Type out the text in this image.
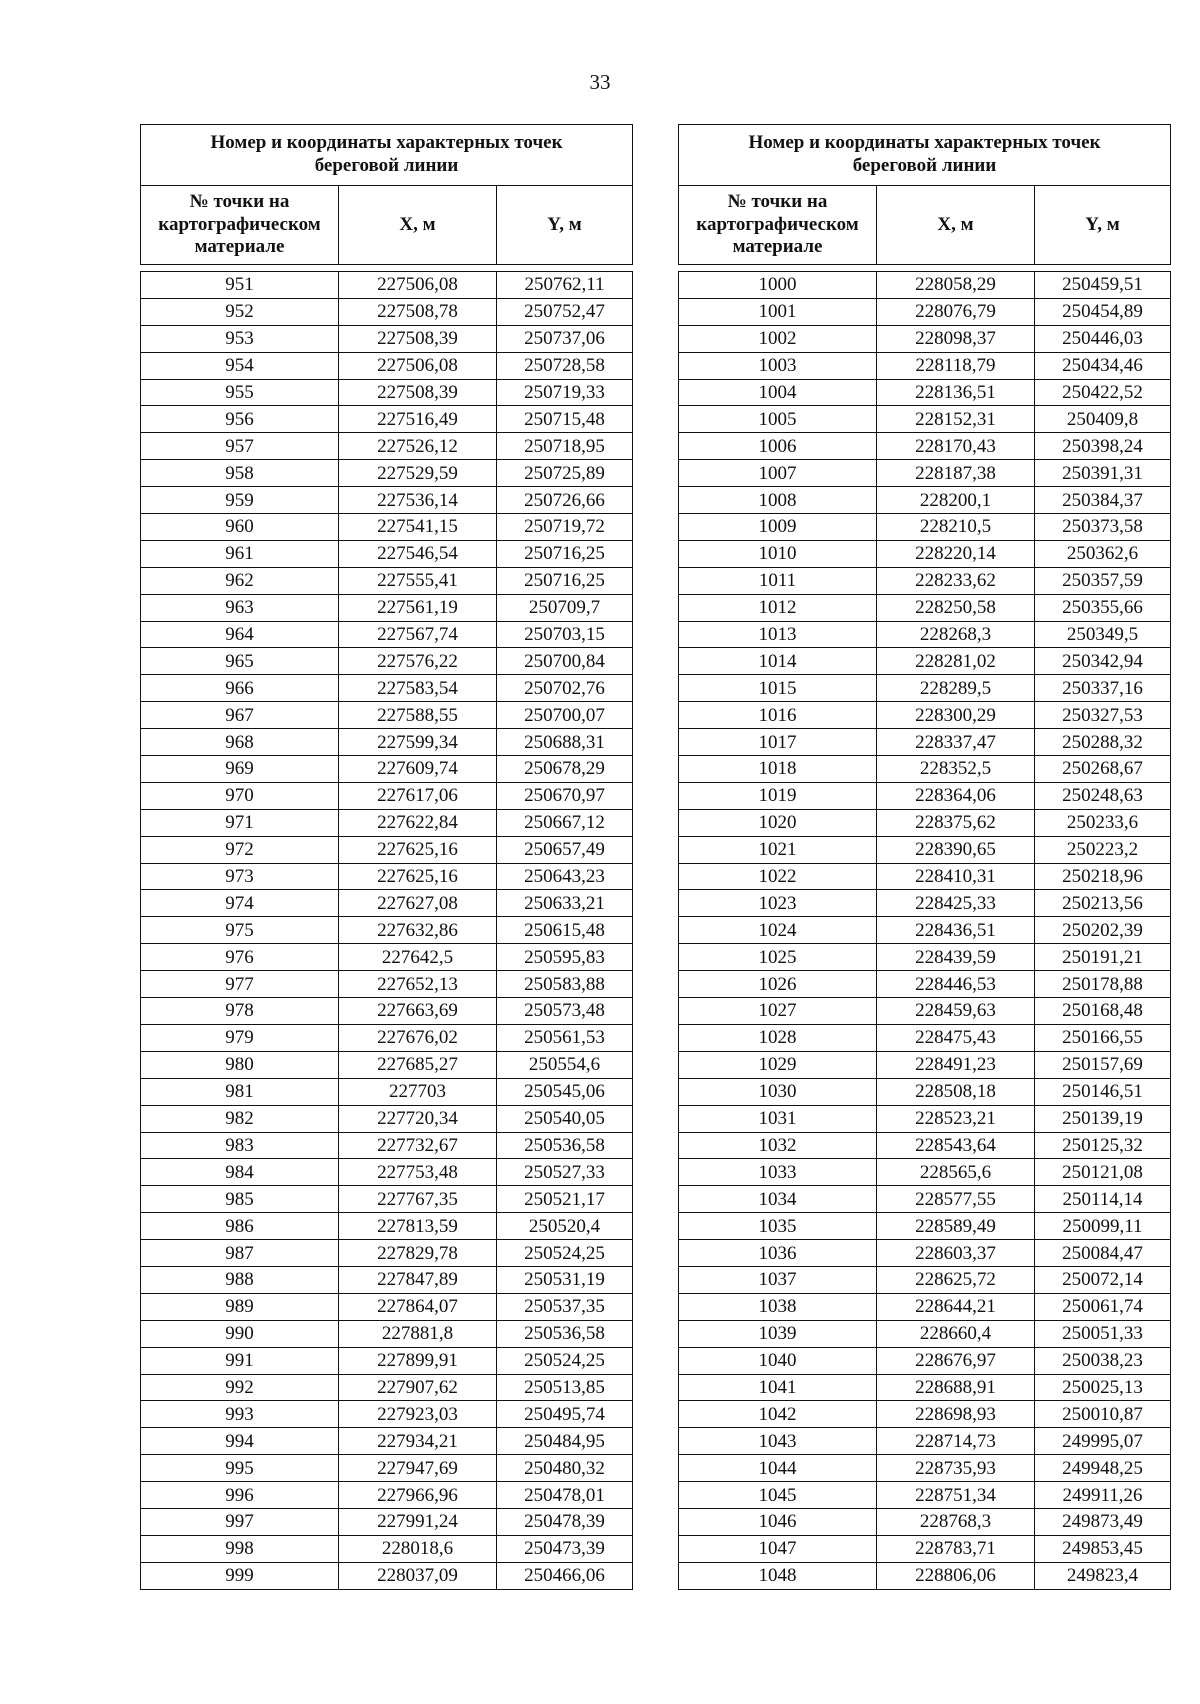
33
Номер и координаты характерных точек береговой линии		
№ точки на картографическом материале	X, м	Y, м

951	227506,08	250762,11
952	227508,78	250752,47
953	227508,39	250737,06
954	227506,08	250728,58
955	227508,39	250719,33
956	227516,49	250715,48
957	227526,12	250718,95
958	227529,59	250725,89
959	227536,14	250726,66
960	227541,15	250719,72
961	227546,54	250716,25
962	227555,41	250716,25
963	227561,19	250709,7
964	227567,74	250703,15
965	227576,22	250700,84
966	227583,54	250702,76
967	227588,55	250700,07
968	227599,34	250688,31
969	227609,74	250678,29
970	227617,06	250670,97
971	227622,84	250667,12
972	227625,16	250657,49
973	227625,16	250643,23
974	227627,08	250633,21
975	227632,86	250615,48
976	227642,5	250595,83
977	227652,13	250583,88
978	227663,69	250573,48
979	227676,02	250561,53
980	227685,27	250554,6
981	227703	250545,06
982	227720,34	250540,05
983	227732,67	250536,58
984	227753,48	250527,33
985	227767,35	250521,17
986	227813,59	250520,4
987	227829,78	250524,25
988	227847,89	250531,19
989	227864,07	250537,35
990	227881,8	250536,58
991	227899,91	250524,25
992	227907,62	250513,85
993	227923,03	250495,74
994	227934,21	250484,95
995	227947,69	250480,32
996	227966,96	250478,01
997	227991,24	250478,39
998	228018,6	250473,39
999	228037,09	250466,06
Номер и координаты характерных точек береговой линии		
№ точки на картографическом материале	X, м	Y, м

1000	228058,29	250459,51
1001	228076,79	250454,89
1002	228098,37	250446,03
1003	228118,79	250434,46
1004	228136,51	250422,52
1005	228152,31	250409,8
1006	228170,43	250398,24
1007	228187,38	250391,31
1008	228200,1	250384,37
1009	228210,5	250373,58
1010	228220,14	250362,6
1011	228233,62	250357,59
1012	228250,58	250355,66
1013	228268,3	250349,5
1014	228281,02	250342,94
1015	228289,5	250337,16
1016	228300,29	250327,53
1017	228337,47	250288,32
1018	228352,5	250268,67
1019	228364,06	250248,63
1020	228375,62	250233,6
1021	228390,65	250223,2
1022	228410,31	250218,96
1023	228425,33	250213,56
1024	228436,51	250202,39
1025	228439,59	250191,21
1026	228446,53	250178,88
1027	228459,63	250168,48
1028	228475,43	250166,55
1029	228491,23	250157,69
1030	228508,18	250146,51
1031	228523,21	250139,19
1032	228543,64	250125,32
1033	228565,6	250121,08
1034	228577,55	250114,14
1035	228589,49	250099,11
1036	228603,37	250084,47
1037	228625,72	250072,14
1038	228644,21	250061,74
1039	228660,4	250051,33
1040	228676,97	250038,23
1041	228688,91	250025,13
1042	228698,93	250010,87
1043	228714,73	249995,07
1044	228735,93	249948,25
1045	228751,34	249911,26
1046	228768,3	249873,49
1047	228783,71	249853,45
1048	228806,06	249823,4
